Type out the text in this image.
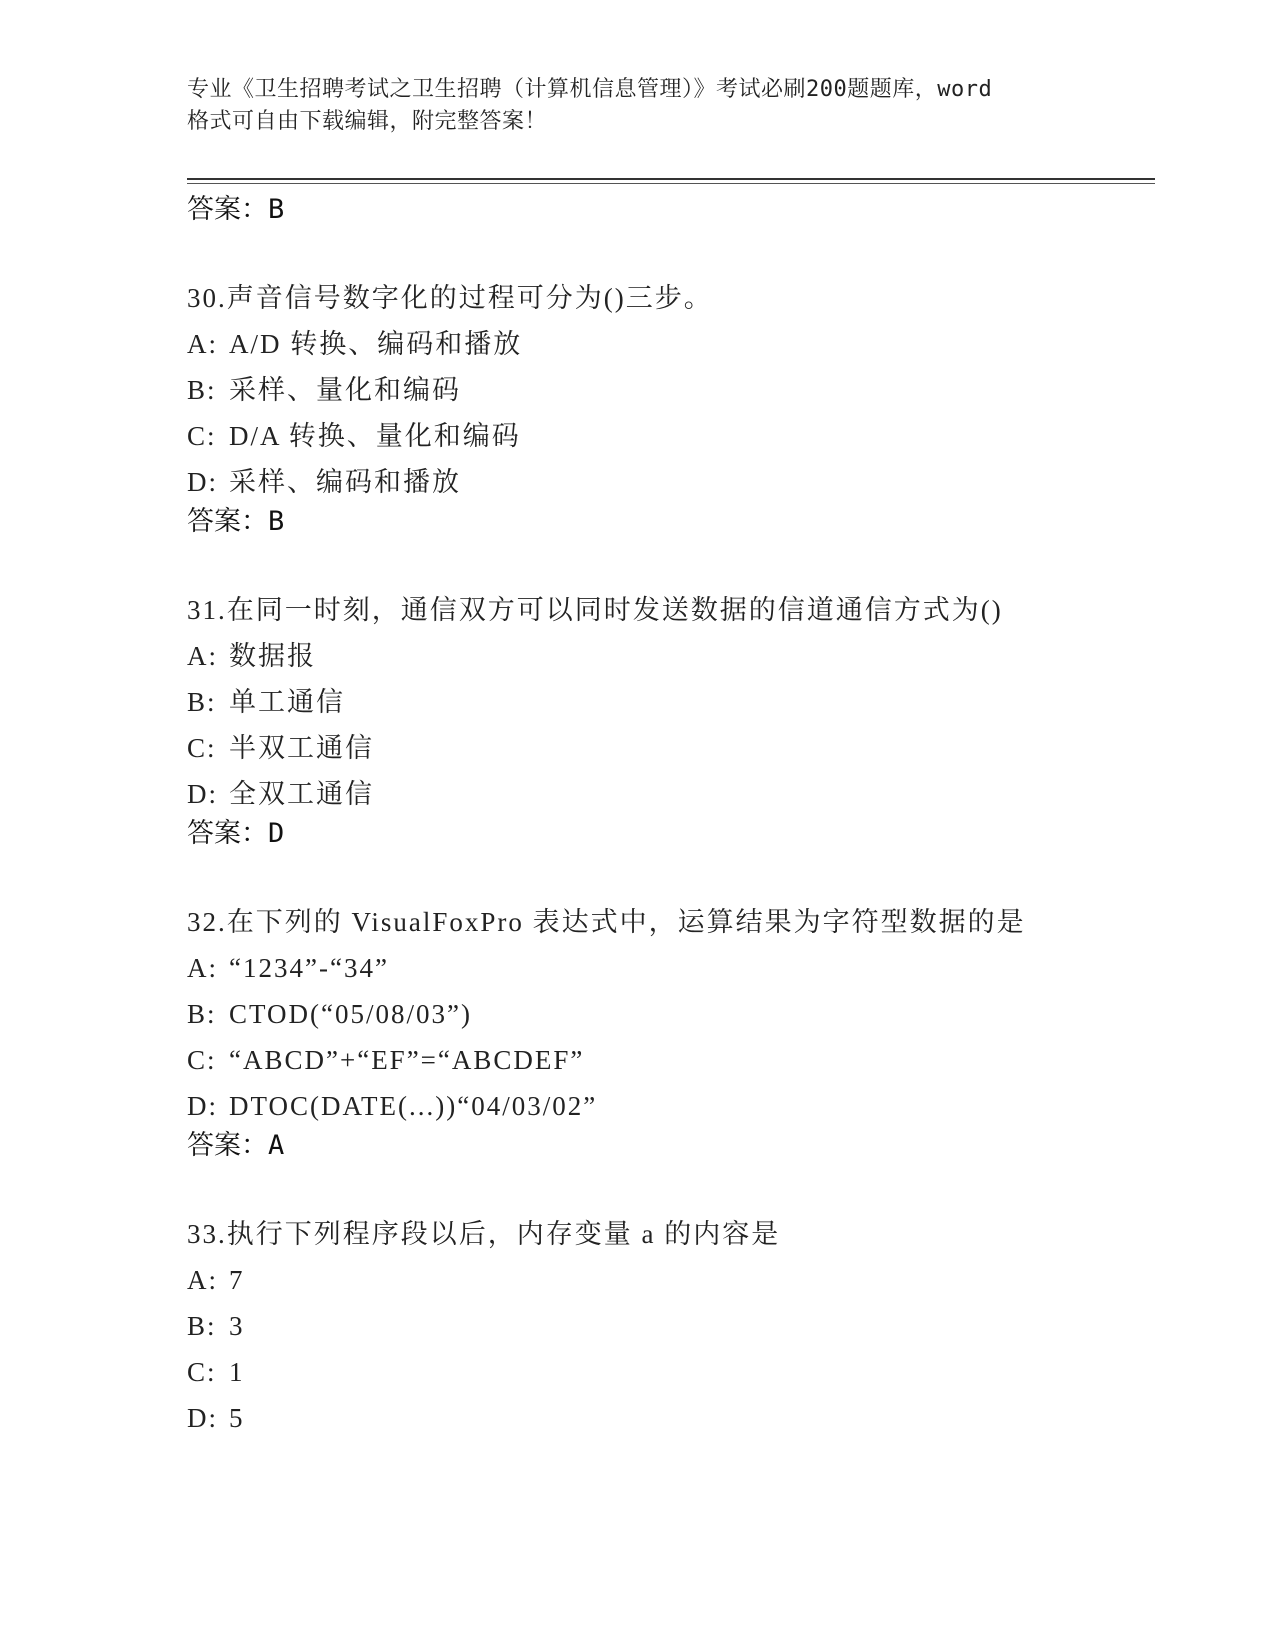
专业《卫生招聘考试之卫生招聘（计算机信息管理）》考试必刷200题题库，word
格式可自由下载编辑，附完整答案！
答案：B
30.声音信号数字化的过程可分为()三步。
A: A/D 转换、编码和播放
B: 采样、量化和编码
C: D/A 转换、量化和编码
D: 采样、编码和播放
答案：B
31.在同一时刻，通信双方可以同时发送数据的信道通信方式为()
A: 数据报
B: 单工通信
C: 半双工通信
D: 全双工通信
答案：D
32.在下列的 VisualFoxPro 表达式中，运算结果为字符型数据的是
A: “1234”-“34”
B: CTOD(“05/08/03”)
C: “ABCD”+“EF”=“ABCDEF”
D: DTOC(DATE(...))“04/03/02”
答案：A
33.执行下列程序段以后，内存变量 a 的内容是
A: 7
B: 3
C: 1
D: 5
